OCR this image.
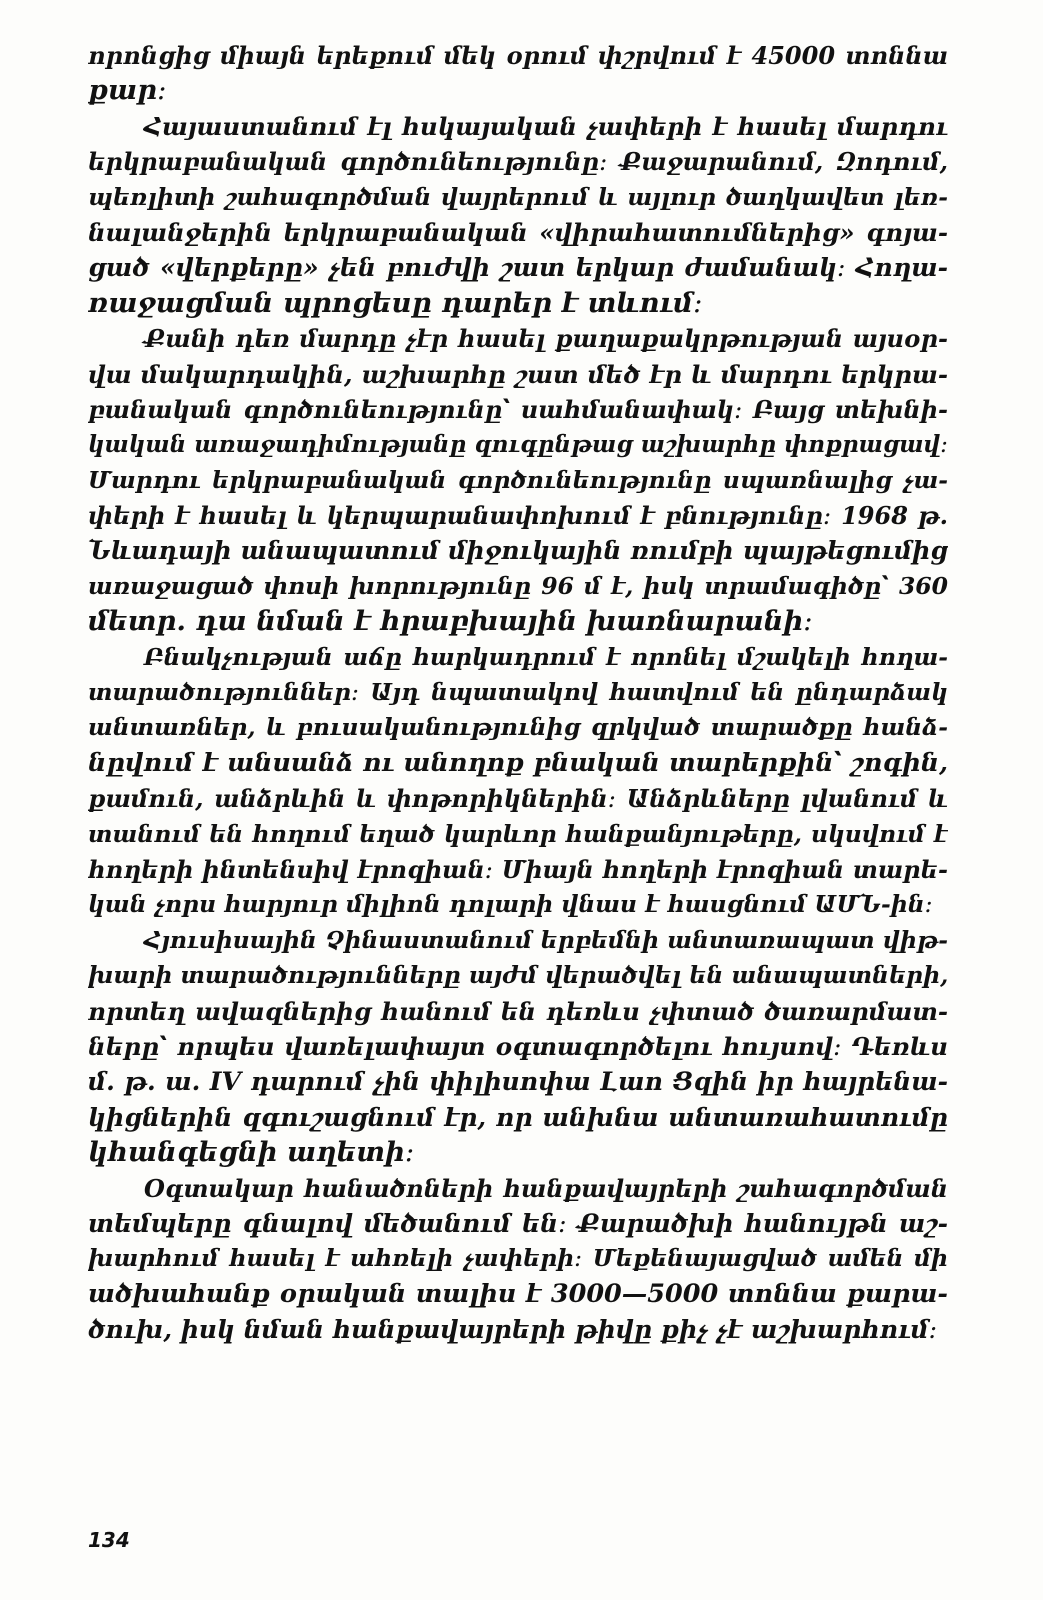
որոնցից միայն երեքում մեկ օրում փշրվում է 45000 տոննա
քար։
Հայաստանում էլ հսկայական չափերի է հասել մարդու
երկրաբանական գործունեությունը։ Քաջարանում, Զոդում,
պեռլիտի շահագործման վայրերում և այլուր ծաղկավետ լեռ-
նալանջերին երկրաբանական «վիրահատումներից» գոյա-
ցած «վերքերը» չեն բուժվի շատ երկար ժամանակ։ Հողա-
ռաջացման պրոցեսը դարեր է տևում։
Քանի դեռ մարդը չէր հասել քաղաքակրթության այսօր-
վա մակարդակին, աշխարհը շատ մեծ էր և մարդու երկրա-
բանական գործունեությունը՝ սահմանափակ։ Բայց տեխնի-
կական առաջադիմությանը զուգընթաց աշխարհը փոքրացավ։
Մարդու երկրաբանական գործունեությունը սպառնալից չա-
փերի է հասել և կերպարանափոխում է բնությունը։ 1968 թ.
Նևադայի անապատում միջուկային ռումբի պայթեցումից
առաջացած փոսի խորությունը 96 մ է, իսկ տրամագիծը՝ 360
մետր. դա նման է հրաբխային խառնարանի։
Բնակչության աճը հարկադրում է որոնել մշակելի հողա-
տարածություններ։ Այդ նպատակով հատվում են ընդարձակ
անտառներ, և բուսականությունից զրկված տարածքը հանձ-
նըվում է անսանձ ու անողոք բնական տարերքին՝ շոգին,
քամուն, անձրևին և փոթորիկներին։ Անձրևները լվանում և
տանում են հողում եղած կարևոր հանքանյութերը, սկսվում է
հողերի ինտենսիվ էրոզիան։ Միայն հողերի էրոզիան տարե-
կան չորս հարյուր միլիոն դոլարի վնաս է հասցնում ԱՄՆ-ին։
Հյուսիսային Չինաստանում երբեմնի անտառապատ վիթ-
խարի տարածությունները այժմ վերածվել են անապատների,
որտեղ ավազներից հանում են դեռևս չփտած ծառարմատ-
ները՝ որպես վառելափայտ օգտագործելու հույսով։ Դեռևս
մ. թ. ա. IV դարում չին փիլիսոփա Լաո Ցզին իր հայրենա-
կիցներին զգուշացնում էր, որ անխնա անտառահատումը
կհանգեցնի աղետի։
Օգտակար հանածոների հանքավայրերի շահագործման
տեմպերը գնալով մեծանում են։ Քարածխի հանույթն աշ-
խարհում հասել է ահռելի չափերի։ Մեքենայացված ամեն մի
ածխահանք օրական տալիս է 3000—5000 տոննա քարա-
ծուխ, իսկ նման հանքավայրերի թիվը քիչ չէ աշխարհում։
134
